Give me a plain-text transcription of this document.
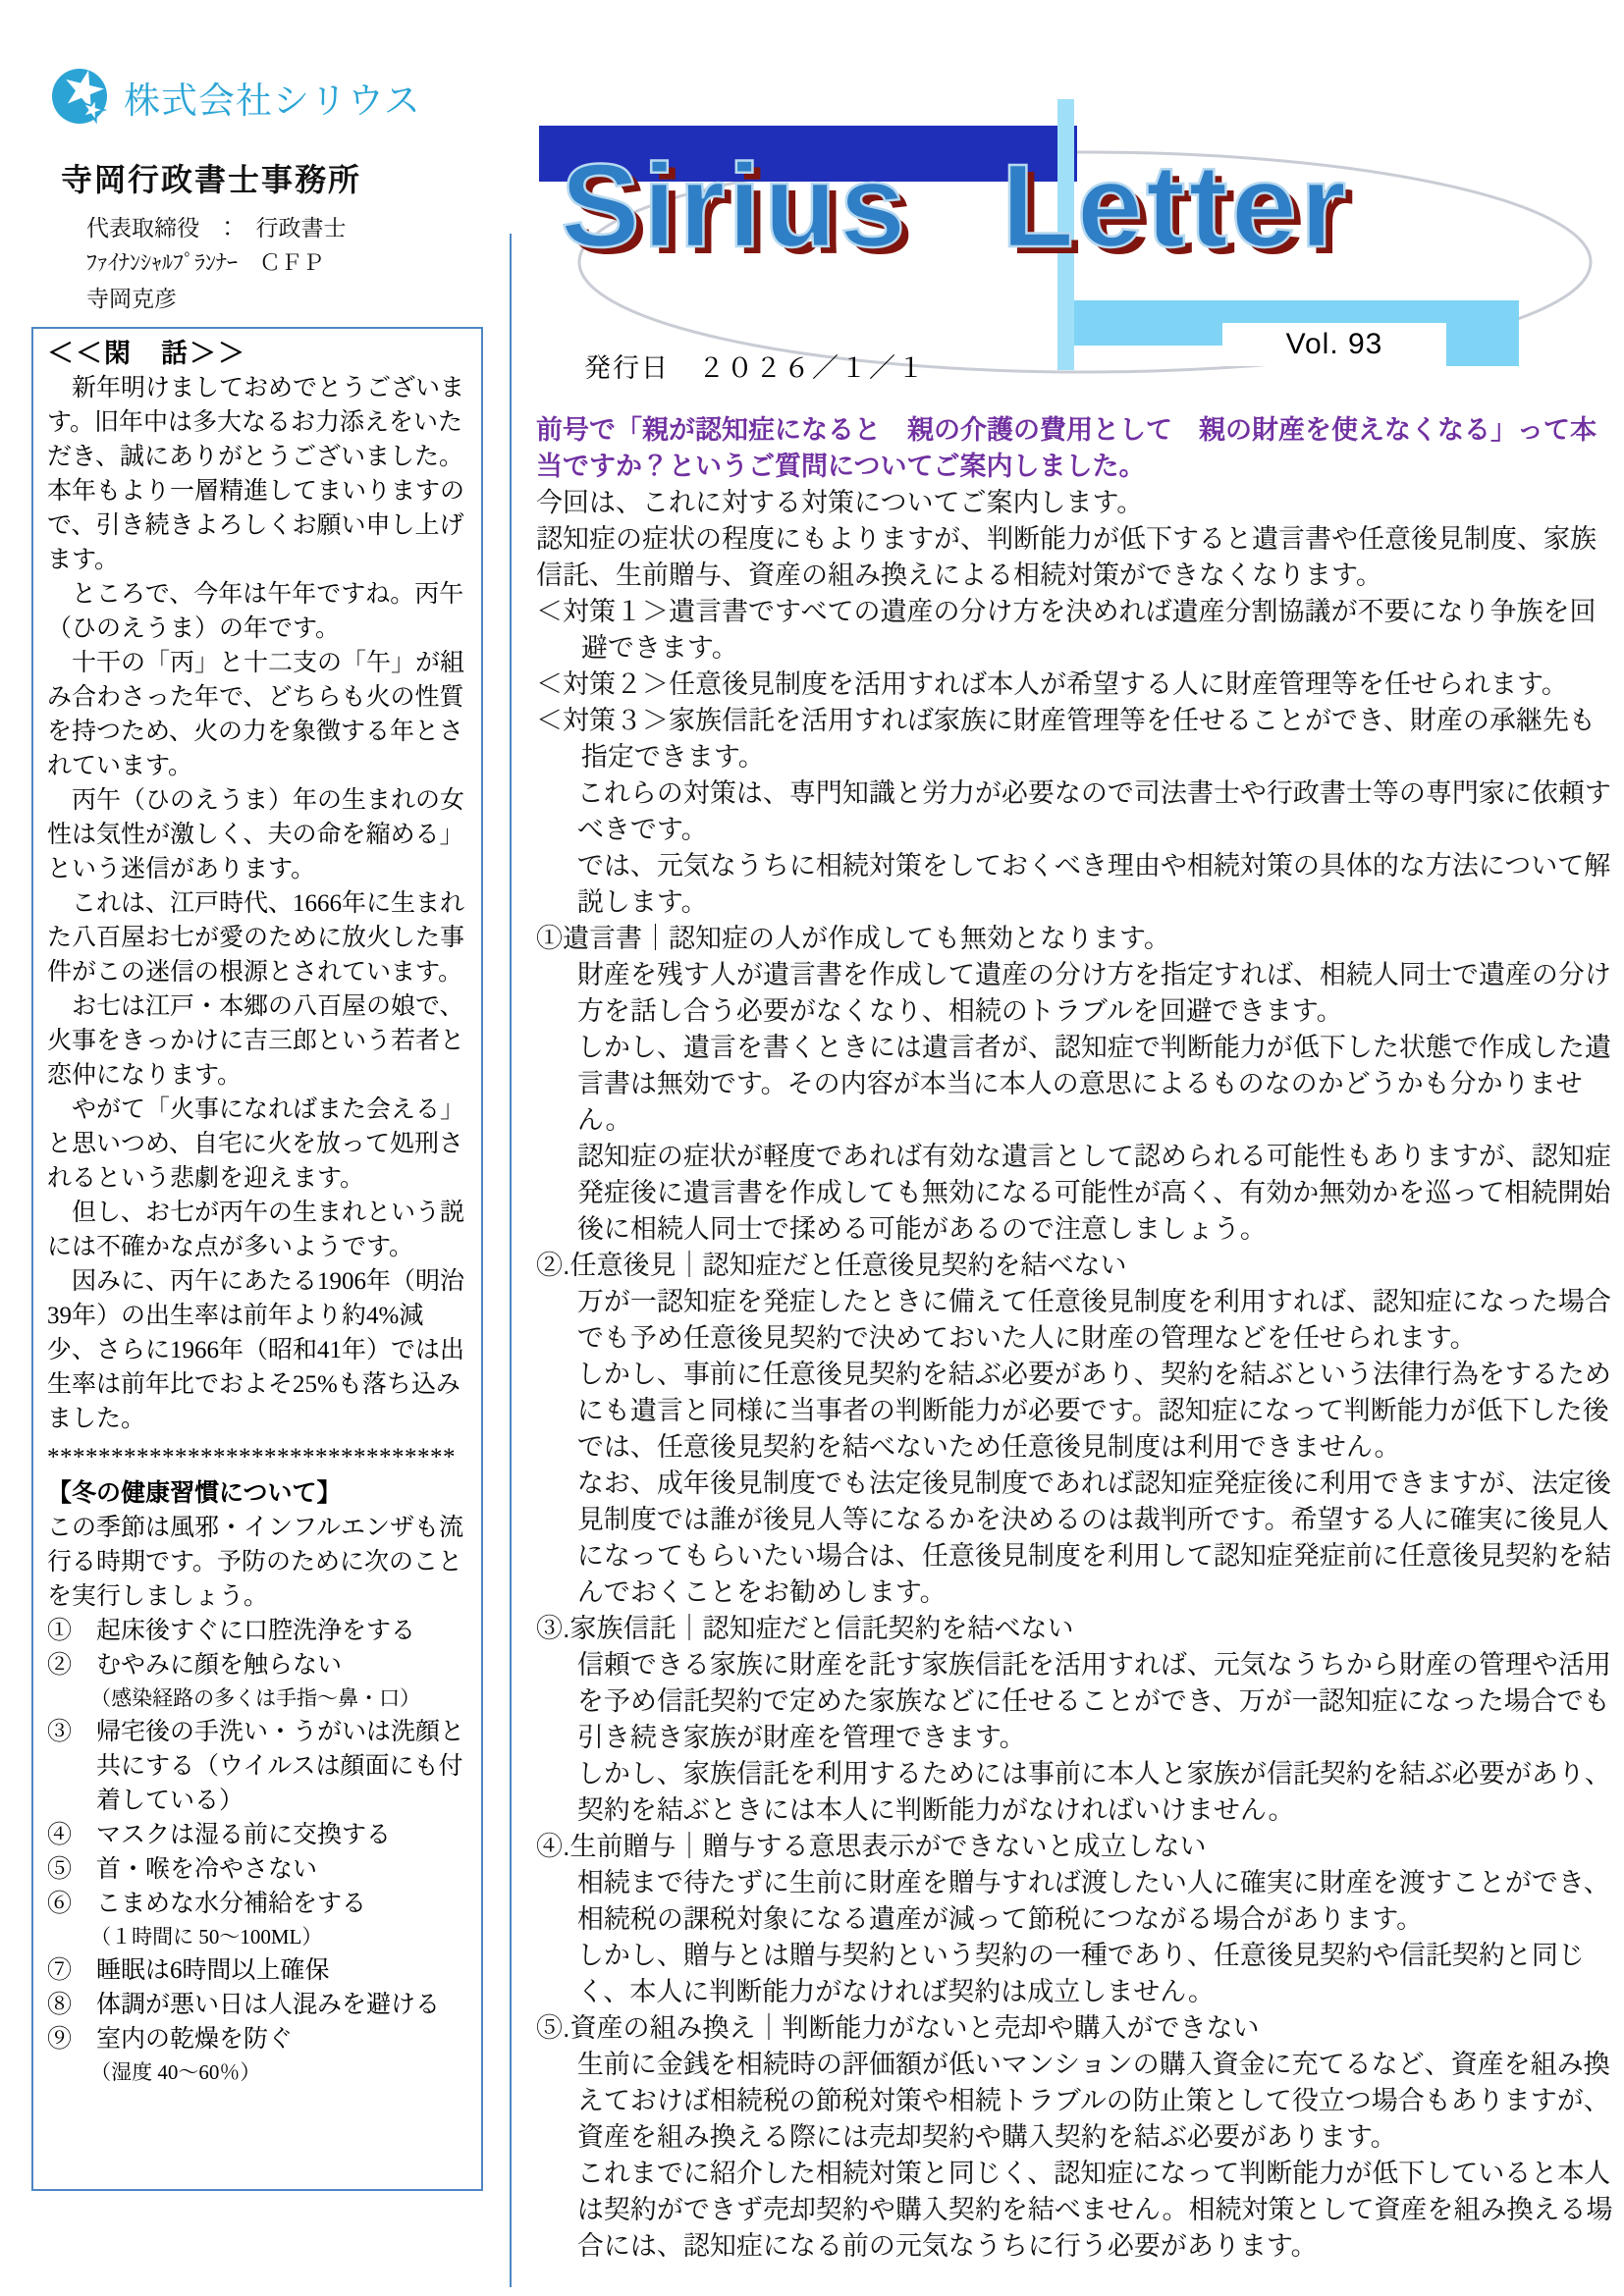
株式会社シリウス
寺岡行政書士事務所
代表取締役　：　行政書士
ﾌｧｲﾅﾝｼｬﾙﾌﾟﾗﾝﾅｰ　ＣＦＰ
寺岡克彦
＜＜閑　話＞＞
　新年明けましておめでとうございます。旧年中は多大なるお力添えをいただき、誠にありがとうございました。本年もより一層精進してまいりますので、引き続きよろしくお願い申し上げます。
　ところで、今年は午年ですね。丙午（ひのえうま）の年です。
　十干の「丙」と十二支の「午」が組み合わさった年で、どちらも火の性質を持つため、火の力を象徴する年とされています。
　丙午（ひのえうま）年の生まれの女性は気性が激しく、夫の命を縮める」という迷信があります。
　これは、江戸時代、1666年に生まれた八百屋お七が愛のために放火した事件がこの迷信の根源とされています。
　お七は江戸・本郷の八百屋の娘で、火事をきっかけに吉三郎という若者と恋仲になります。
　やがて「火事になればまた会える」と思いつめ、自宅に火を放って処刑されるという悲劇を迎えます。
　但し、お七が丙午の生まれという説には不確かな点が多いようです。
　因みに、丙午にあたる1906年（明治39年）の出生率は前年より約4%減少、さらに1966年（昭和41年）では出生率は前年比でおよそ25%も落ち込みました。
********************************
【冬の健康習慣について】
この季節は風邪・インフルエンザも流行る時期です。予防のために次のことを実行しましょう。
①　起床後すぐに口腔洗浄をする
②　むやみに顔を触らない
（感染経路の多くは手指～鼻・口）
③　帰宅後の手洗い・うがいは洗顔と共にする（ウイルスは顔面にも付着している）
④　マスクは湿る前に交換する
⑤　首・喉を冷やさない
⑥　こまめな水分補給をする
（１時間に 50～100ML）
⑦　睡眠は6時間以上確保
⑧　体調が悪い日は人混みを避ける
⑨　室内の乾燥を防ぐ
（湿度 40～60％）
Sirius Letter
Vol. 93
発行日　２０２６／１／１

前号で「親が認知症になると　親の介護の費用として　親の財産を使えなくなる」って本当ですか？というご質問についてご案内しました。

今回は、これに対する対策についてご案内します。

認知症の症状の程度にもよりますが、判断能力が低下すると遺言書や任意後見制度、家族信託、生前贈与、資産の組み換えによる相続対策ができなくなります。

＜対策１＞遺言書ですべての遺産の分け方を決めれば遺産分割協議が不要になり争族を回避できます。

＜対策２＞任意後見制度を活用すれば本人が希望する人に財産管理等を任せられます。

＜対策３＞家族信託を活用すれば家族に財産管理等を任せることができ、財産の承継先も指定できます。

これらの対策は、専門知識と労力が必要なので司法書士や行政書士等の専門家に依頼すべきです。

では、元気なうちに相続対策をしておくべき理由や相続対策の具体的な方法について解説します。

①遺言書｜認知症の人が作成しても無効となります。

財産を残す人が遺言書を作成して遺産の分け方を指定すれば、相続人同士で遺産の分け方を話し合う必要がなくなり、相続のトラブルを回避できます。

しかし、遺言を書くときには遺言者が、認知症で判断能力が低下した状態で作成した遺言書は無効です。その内容が本当に本人の意思によるものなのかどうかも分かりません。

認知症の症状が軽度であれば有効な遺言として認められる可能性もありますが、認知症発症後に遺言書を作成しても無効になる可能性が高く、有効か無効かを巡って相続開始後に相続人同士で揉める可能があるので注意しましょう。

②.任意後見｜認知症だと任意後見契約を結べない

万が一認知症を発症したときに備えて任意後見制度を利用すれば、認知症になった場合でも予め任意後見契約で決めておいた人に財産の管理などを任せられます。

しかし、事前に任意後見契約を結ぶ必要があり、契約を結ぶという法律行為をするためにも遺言と同様に当事者の判断能力が必要です。認知症になって判断能力が低下した後では、任意後見契約を結べないため任意後見制度は利用できません。

なお、成年後見制度でも法定後見制度であれば認知症発症後に利用できますが、法定後見制度では誰が後見人等になるかを決めるのは裁判所です。希望する人に確実に後見人になってもらいたい場合は、任意後見制度を利用して認知症発症前に任意後見契約を結んでおくことをお勧めします。

③.家族信託｜認知症だと信託契約を結べない

信頼できる家族に財産を託す家族信託を活用すれば、元気なうちから財産の管理や活用を予め信託契約で定めた家族などに任せることができ、万が一認知症になった場合でも引き続き家族が財産を管理できます。

しかし、家族信託を利用するためには事前に本人と家族が信託契約を結ぶ必要があり、契約を結ぶときには本人に判断能力がなければいけません。

④.生前贈与｜贈与する意思表示ができないと成立しない

相続まで待たずに生前に財産を贈与すれば渡したい人に確実に財産を渡すことができ、相続税の課税対象になる遺産が減って節税につながる場合があります。

しかし、贈与とは贈与契約という契約の一種であり、任意後見契約や信託契約と同じく、本人に判断能力がなければ契約は成立しません。

⑤.資産の組み換え｜判断能力がないと売却や購入ができない

生前に金銭を相続時の評価額が低いマンションの購入資金に充てるなど、資産を組み換えておけば相続税の節税対策や相続トラブルの防止策として役立つ場合もありますが、資産を組み換える際には売却契約や購入契約を結ぶ必要があります。

これまでに紹介した相続対策と同じく、認知症になって判断能力が低下していると本人は契約ができず売却契約や購入契約を結べません。相続対策として資産を組み換える場合には、認知症になる前の元気なうちに行う必要があります。
